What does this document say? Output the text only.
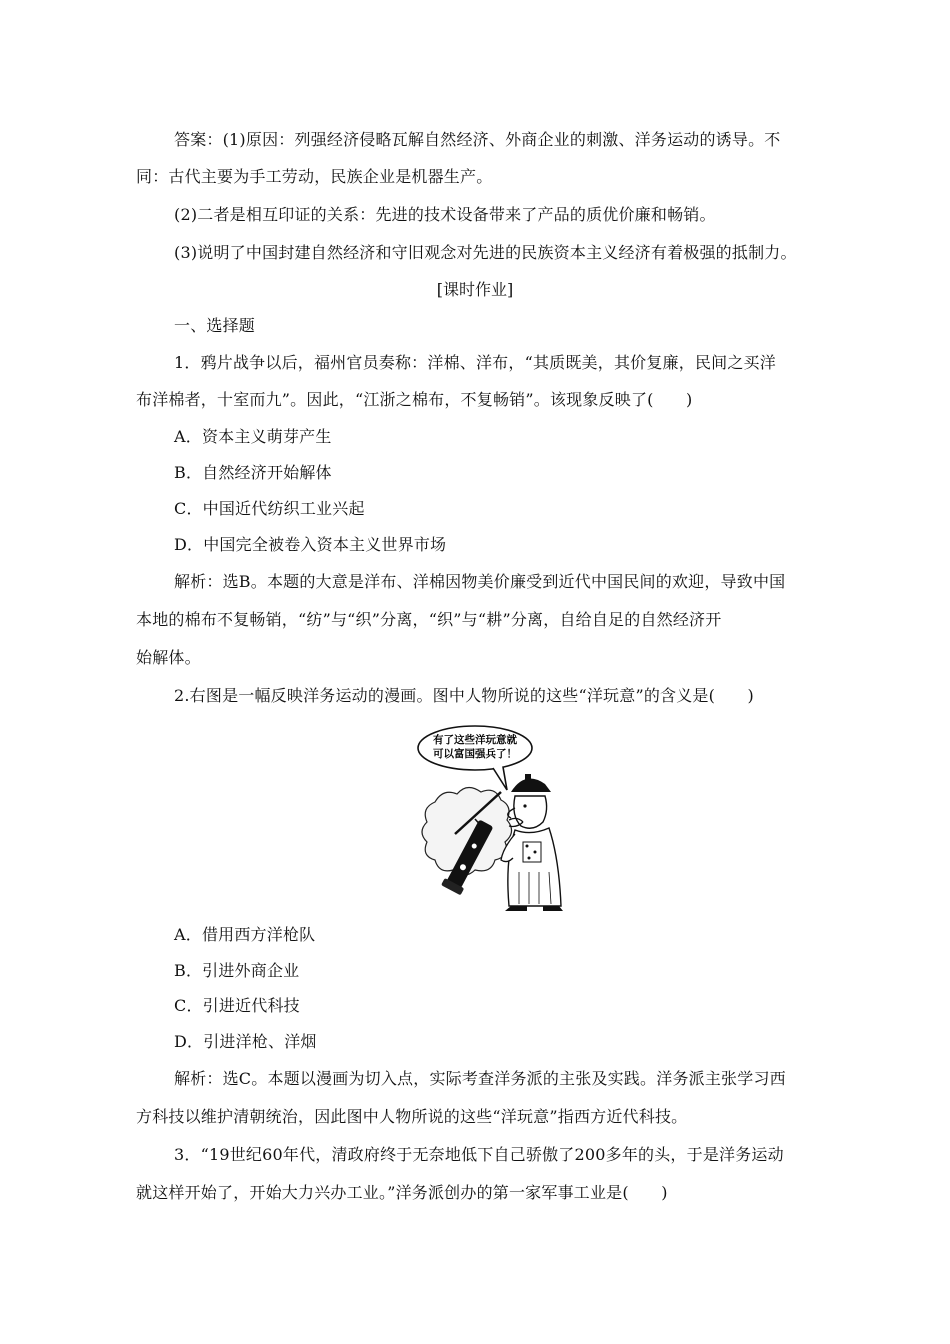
答案：(1)原因：列强经济侵略瓦解自然经济、外商企业的刺激、洋务运动的诱导。不
同：古代主要为手工劳动，民族企业是机器生产。
(2)二者是相互印证的关系：先进的技术设备带来了产品的质优价廉和畅销。
(3)说明了中国封建自然经济和守旧观念对先进的民族资本主义经济有着极强的抵制力。
[课时作业]
一、选择题
1．鸦片战争以后，福州官员奏称：洋棉、洋布，“其质既美，其价复廉，民间之买洋
布洋棉者，十室而九”。因此，“江浙之棉布，不复畅销”。该现象反映了(　　)
A．资本主义萌芽产生
B．自然经济开始解体
C．中国近代纺织工业兴起
D．中国完全被卷入资本主义世界市场
解析：选B。本题的大意是洋布、洋棉因物美价廉受到近代中国民间的欢迎，导致中国
本地的棉布不复畅销，“纺”与“织”分离，“织”与“耕”分离，自给自足的自然经济开
始解体。
2.右图是一幅反映洋务运动的漫画。图中人物所说的这些“洋玩意”的含义是(　　)
有了这些洋玩意就
可以富国强兵了！
A．借用西方洋枪队
B．引进外商企业
C．引进近代科技
D．引进洋枪、洋烟
解析：选C。本题以漫画为切入点，实际考查洋务派的主张及实践。洋务派主张学习西
方科技以维护清朝统治，因此图中人物所说的这些“洋玩意”指西方近代科技。
3．“19世纪60年代，清政府终于无奈地低下自己骄傲了200多年的头，于是洋务运动
就这样开始了，开始大力兴办工业。”洋务派创办的第一家军事工业是(　　)
